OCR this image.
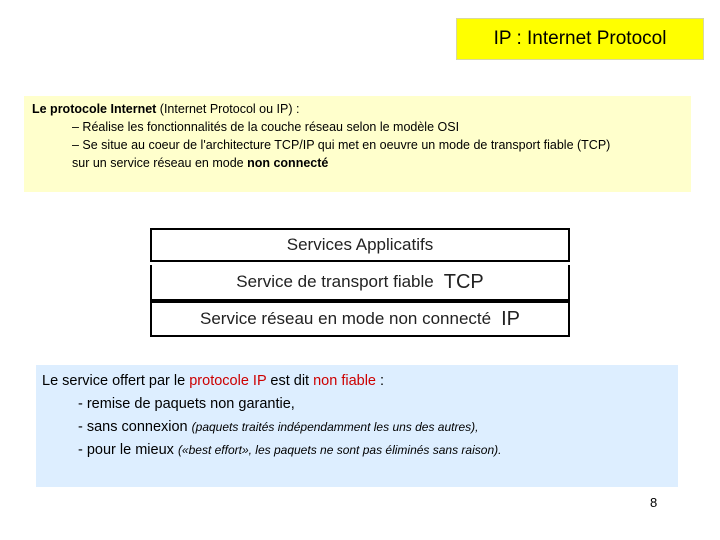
IP : Internet Protocol
Le protocole Internet (Internet Protocol ou IP) :
– Réalise les fonctionnalités de la couche réseau selon le modèle OSI
– Se situe au coeur de l'architecture TCP/IP qui met en oeuvre un mode de transport fiable (TCP)
sur un service réseau en mode non connecté
Services Applicatifs
Service de transport fiable TCP
Service réseau en mode non connecté IP
Le service offert par le protocole IP est dit non fiable :
- remise de paquets non garantie,
- sans connexion (paquets traités indépendamment les uns des autres),
- pour le mieux («best effort», les paquets ne sont pas éliminés sans raison).
8
